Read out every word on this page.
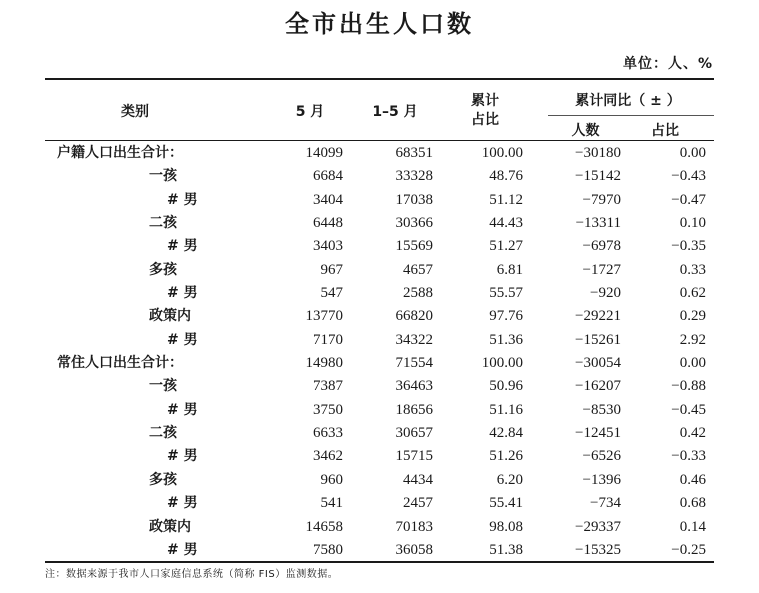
全市出生人口数
单位：人、%
类别	5 月	1–5 月
累计
占比
累计同比（ ± ）
人数	占比
户籍人口出生合计：	14099	68351	100.00	−30180	0.00
一孩	6684	33328	48.76	−15142	−0.43
# 男	3404	17038	51.12	−7970	−0.47
二孩	6448	30366	44.43	−13311	0.10
# 男	3403	15569	51.27	−6978	−0.35
多孩	967	4657	6.81	−1727	0.33
# 男	547	2588	55.57	−920	0.62
政策内	13770	66820	97.76	−29221	0.29
# 男	7170	34322	51.36	−15261	2.92
常住人口出生合计：	14980	71554	100.00	−30054	0.00
一孩	7387	36463	50.96	−16207	−0.88
# 男	3750	18656	51.16	−8530	−0.45
二孩	6633	30657	42.84	−12451	0.42
# 男	3462	15715	51.26	−6526	−0.33
多孩	960	4434	6.20	−1396	0.46
# 男	541	2457	55.41	−734	0.68
政策内	14658	70183	98.08	−29337	0.14
# 男	7580	36058	51.38	−15325	−0.25
注：数据来源于我市人口家庭信息系统（简称 FIS）监测数据。
